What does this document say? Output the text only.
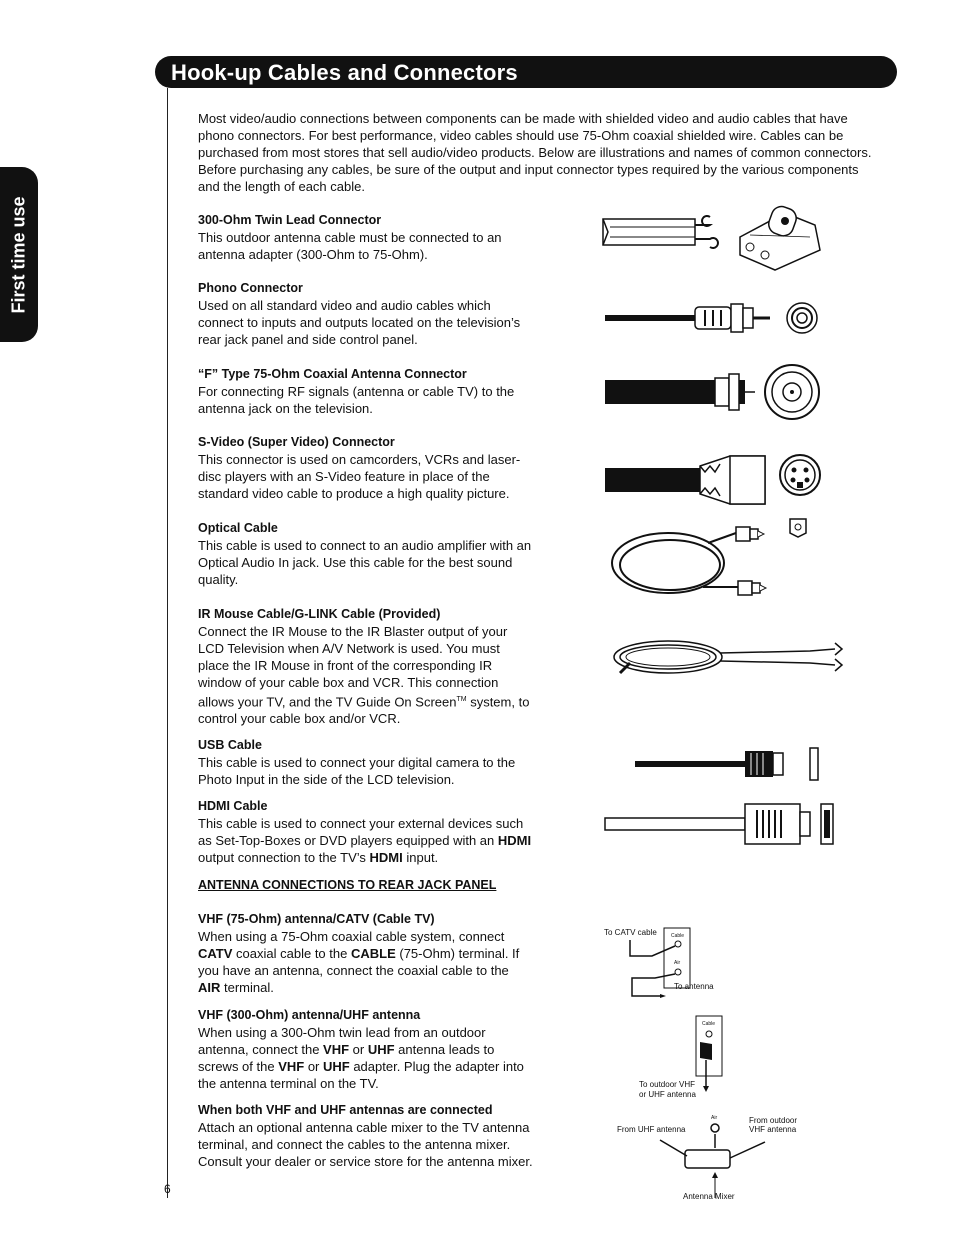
Hook-up Cables and Connectors
First time use
Most video/audio connections between components can be made with shielded video and audio cables that have phono connectors. For best performance, video cables should use 75-Ohm coaxial shielded wire. Cables can be purchased from most stores that sell audio/video products. Below are illustrations and names of common connectors. Before purchasing any cables, be sure of the output and input connector types required by the various components and the length of each cable.
300-Ohm Twin Lead Connector
This outdoor antenna cable must be connected to an antenna adapter (300-Ohm to 75-Ohm).
Phono Connector
Used on all standard video and audio cables which connect to inputs and outputs located on the television’s rear jack panel and side control panel.
“F” Type 75-Ohm Coaxial Antenna Connector
For connecting RF signals (antenna or cable TV) to the antenna jack on the television.
S-Video (Super Video) Connector
This connector is used on camcorders, VCRs and laser-disc players with an S-Video feature in place of the standard video cable to produce a high quality picture.
Optical Cable
This cable is used to connect to an audio amplifier with an Optical Audio In jack. Use this cable for the best sound quality.
IR Mouse Cable/G-LINK Cable (Provided)
Connect the IR Mouse to the IR Blaster output of your LCD Television when A/V Network is used. You must place the IR Mouse in front of the corresponding IR window of your cable box and VCR. This connection allows your TV, and the TV Guide On Screen™ system, to control your cable box and/or VCR.
USB Cable
This cable is used to connect your digital camera to the Photo Input in the side of the LCD television.
HDMI Cable
This cable is used to connect your external devices such as Set-Top-Boxes or DVD players equipped with an HDMI output connection to the TV’s HDMI input.
ANTENNA CONNECTIONS TO REAR JACK PANEL
VHF (75-Ohm) antenna/CATV (Cable TV)
When using a 75-Ohm coaxial cable system, connect CATV coaxial cable to the CABLE (75-Ohm) terminal. If you have an antenna, connect the coaxial cable to the AIR terminal.
VHF (300-Ohm) antenna/UHF antenna
When using a 300-Ohm twin lead from an outdoor antenna, connect the VHF or UHF antenna leads to screws of the VHF or UHF adapter. Plug the adapter into the antenna terminal on the TV.
When both VHF and UHF antennas are connected
Attach an optional antenna cable mixer to the TV antenna terminal, and connect the cables to the antenna mixer. Consult your dealer or service store for the antenna mixer.
6
To CATV cable	Cable
Air
To antenna
Cable
To outdoor VHF
or UHF antenna
Air
From UHF antenna
From outdoor
VHF antenna
Antenna Mixer
